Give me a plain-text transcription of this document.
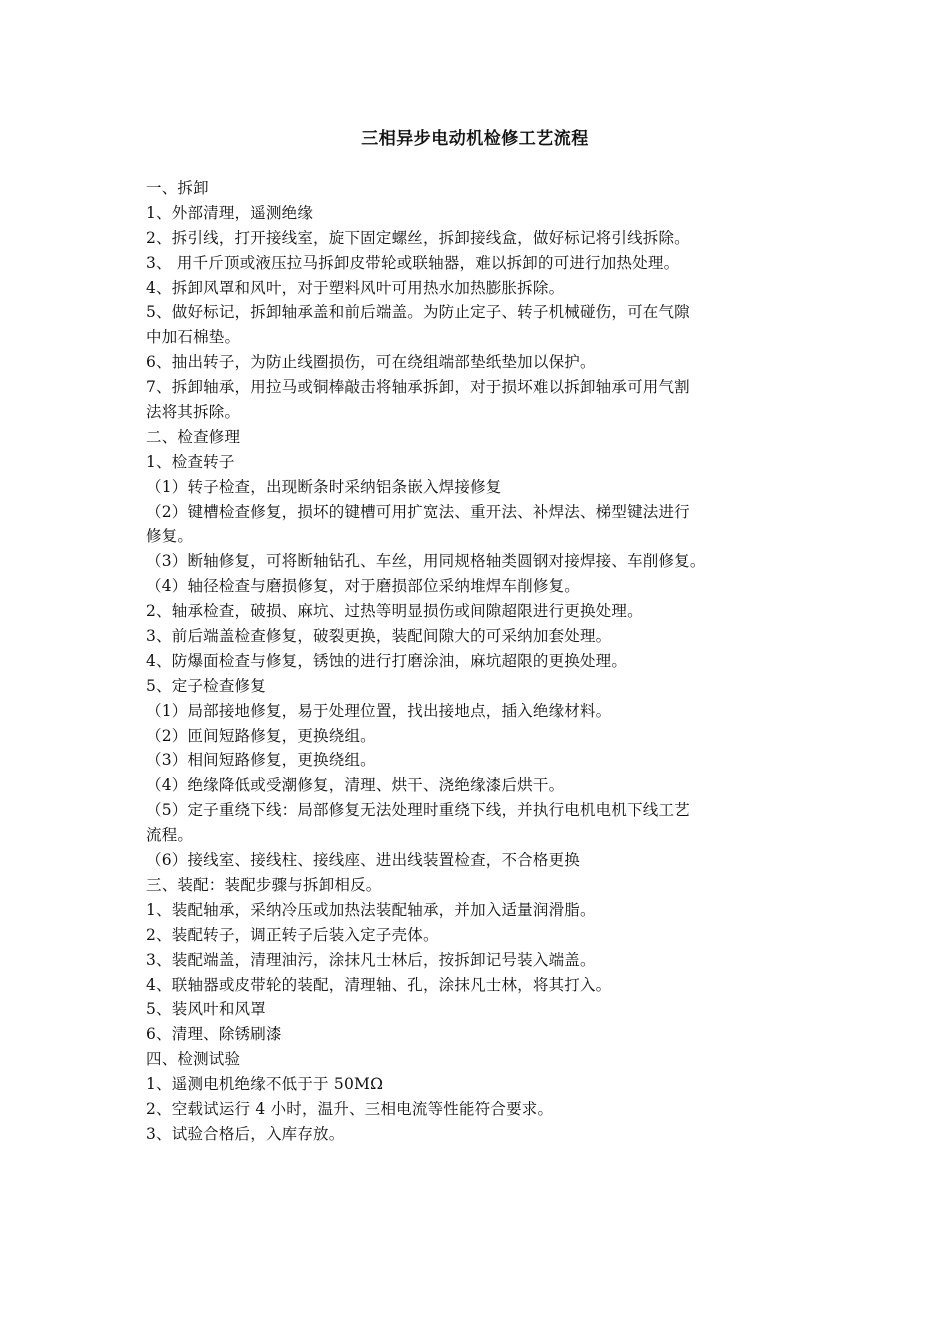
三相异步电动机检修工艺流程
一、拆卸
1、外部清理，遥测绝缘
2、拆引线，打开接线室，旋下固定螺丝，拆卸接线盒，做好标记将引线拆除。
3、 用千斤顶或液压拉马拆卸皮带轮或联轴器，难以拆卸的可进行加热处理。
4、拆卸风罩和风叶，对于塑料风叶可用热水加热膨胀拆除。
5、做好标记，拆卸轴承盖和前后端盖。为防止定子、转子机械碰伤，可在气隙
中加石棉垫。
6、抽出转子，为防止线圈损伤，可在绕组端部垫纸垫加以保护。
7、拆卸轴承，用拉马或铜棒敲击将轴承拆卸，对于损坏难以拆卸轴承可用气割
法将其拆除。
二、检查修理
1、检查转子
（1）转子检查，出现断条时采纳铝条嵌入焊接修复
（2）键槽检查修复，损坏的键槽可用扩宽法、重开法、补焊法、梯型键法进行
修复。
（3）断轴修复，可将断轴钻孔、车丝，用同规格轴类圆钢对接焊接、车削修复。
（4）轴径检查与磨损修复，对于磨损部位采纳堆焊车削修复。
2、轴承检查，破损、麻坑、过热等明显损伤或间隙超限进行更换处理。
3、前后端盖检查修复，破裂更换，装配间隙大的可采纳加套处理。
4、防爆面检查与修复，锈蚀的进行打磨涂油，麻坑超限的更换处理。
5、定子检查修复
（1）局部接地修复，易于处理位置，找出接地点，插入绝缘材料。
（2）匝间短路修复，更换绕组。
（3）相间短路修复，更换绕组。
（4）绝缘降低或受潮修复，清理、烘干、浇绝缘漆后烘干。
（5）定子重绕下线：局部修复无法处理时重绕下线，并执行电机电机下线工艺
流程。
（6）接线室、接线柱、接线座、进出线装置检查，不合格更换
三、装配：装配步骤与拆卸相反。
1、装配轴承，采纳冷压或加热法装配轴承，并加入适量润滑脂。
2、装配转子，调正转子后装入定子壳体。
3、装配端盖，清理油污，涂抹凡士林后，按拆卸记号装入端盖。
4、联轴器或皮带轮的装配，清理轴、孔，涂抹凡士林，将其打入。
5、装风叶和风罩
6、清理、除锈刷漆
四、检测试验
1、遥测电机绝缘不低于于 50MΩ
2、空载试运行 4 小时，温升、三相电流等性能符合要求。
3、试验合格后，入库存放。
